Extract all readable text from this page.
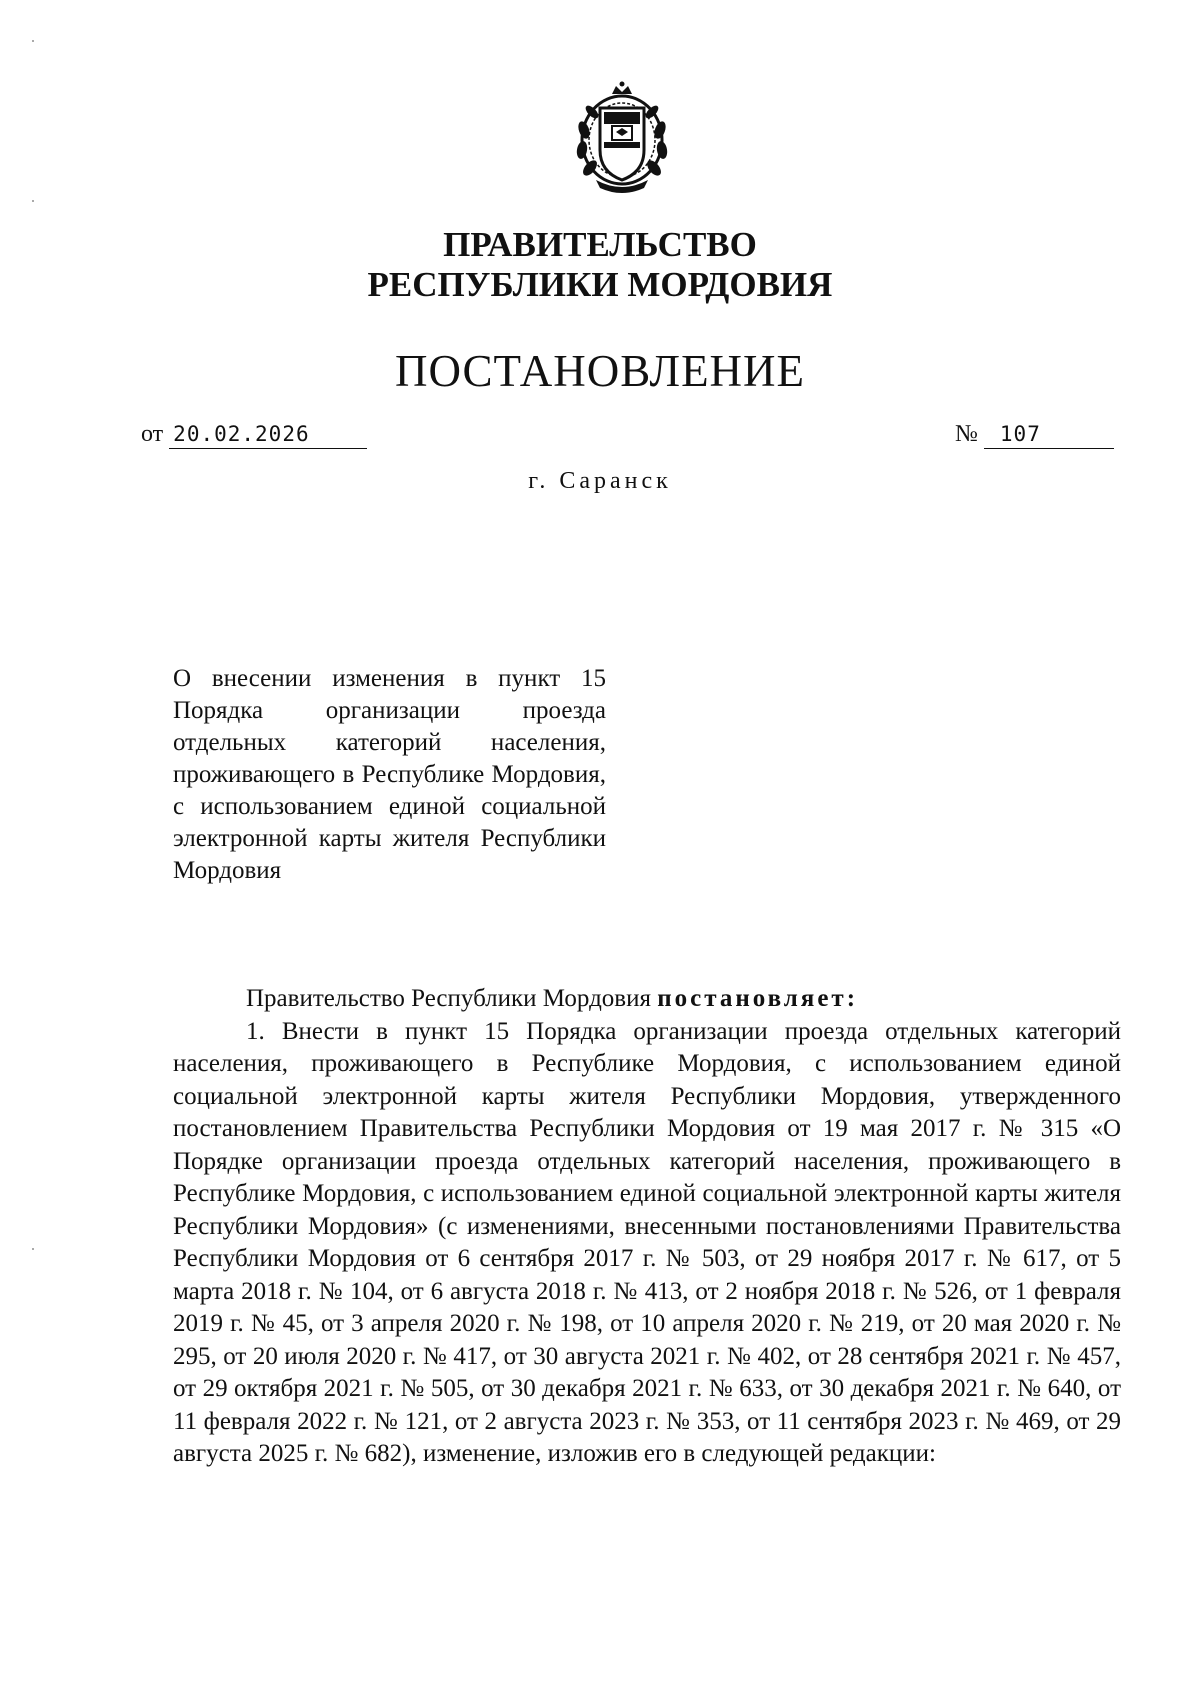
ПРАВИТЕЛЬСТВО
РЕСПУБЛИКИ МОРДОВИЯ
ПОСТАНОВЛЕНИЕ
от 20.02.2026	№ 107
г. Саранск
О внесении изменения в пункт 15 Порядка организации проезда отдельных категорий населения, проживающего в Республике Мордовия, с использованием единой социальной электронной карты жителя Республики Мордовия

Правительство Республики Мордовия постановляет:

1. Внести в пункт 15 Порядка организации проезда отдельных категорий населения, проживающего в Республике Мордовия, с использованием единой социальной электронной карты жителя Республики Мордовия, утвержденного постановлением Правительства Республики Мордовия от 19 мая 2017 г. № 315 «О Порядке организации проезда отдельных категорий населения, проживающего в Республике Мордовия, с использованием единой социальной электронной карты жителя Республики Мордовия» (с изменениями, внесенными постановлениями Правительства Республики Мордовия от 6 сентября 2017 г. № 503, от 29 ноября 2017 г. № 617, от 5 марта 2018 г. № 104, от 6 августа 2018 г. № 413, от 2 ноября 2018 г. № 526, от 1 февраля 2019 г. № 45, от 3 апреля 2020 г. № 198, от 10 апреля 2020 г. № 219, от 20 мая 2020 г. № 295, от 20 июля 2020 г. № 417, от 30 августа 2021 г. № 402, от 28 сентября 2021 г. № 457, от 29 октября 2021 г. № 505, от 30 декабря 2021 г. № 633, от 30 декабря 2021 г. № 640, от 11 февраля 2022 г. № 121, от 2 августа 2023 г. № 353, от 11 сентября 2023 г. № 469, от 29 августа 2025 г. № 682), изменение, изложив его в следующей редакции:
